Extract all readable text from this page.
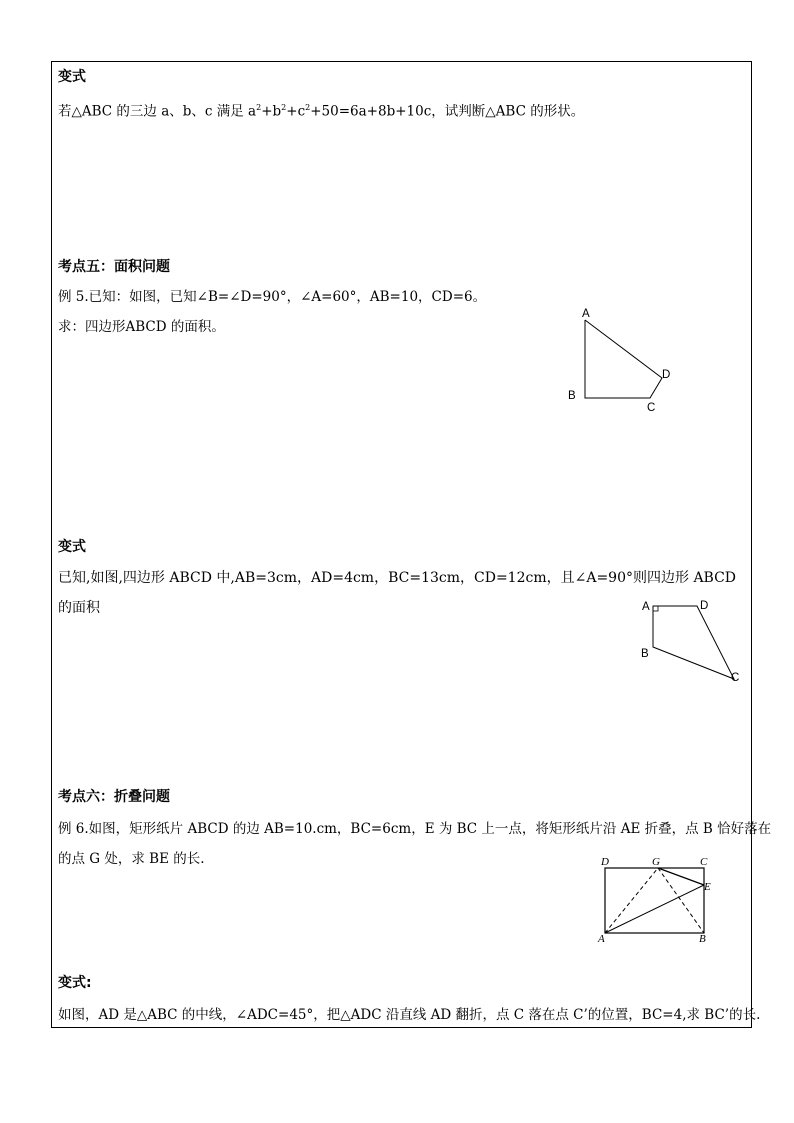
变式
若△ABC 的三边 a、b、c 满足 $a^2+b^2+c^2+50=6a+8b+10c$，试判断△ABC 的形状。
考点五：面积问题
例 5.已知：如图，已知∠B=∠D=90°，∠A=60°，AB=10，CD=6。
求：四边形ABCD 的面积。
A
B
C
D
变式
已知,如图,四边形 ABCD 中,AB=3cm，AD=4cm，BC=13cm，CD=12cm，且∠A=90°则四边形 ABCD
的面积	A	D
B
C
考点六：折叠问题
例 6.如图，矩形纸片 ABCD 的边 AB=10.cm，BC=6cm，E 为 BC 上一点，将矩形纸片沿 AE 折叠，点 B 恰好落在
的点 G 处，求 BE 的长.	D	G	C
E
A	B
变式:
如图，AD 是△ABC 的中线，∠ADC=45°，把△ADC 沿直线 AD 翻折，点 C 落在点 C’的位置，BC=4,求 BC’的长.
